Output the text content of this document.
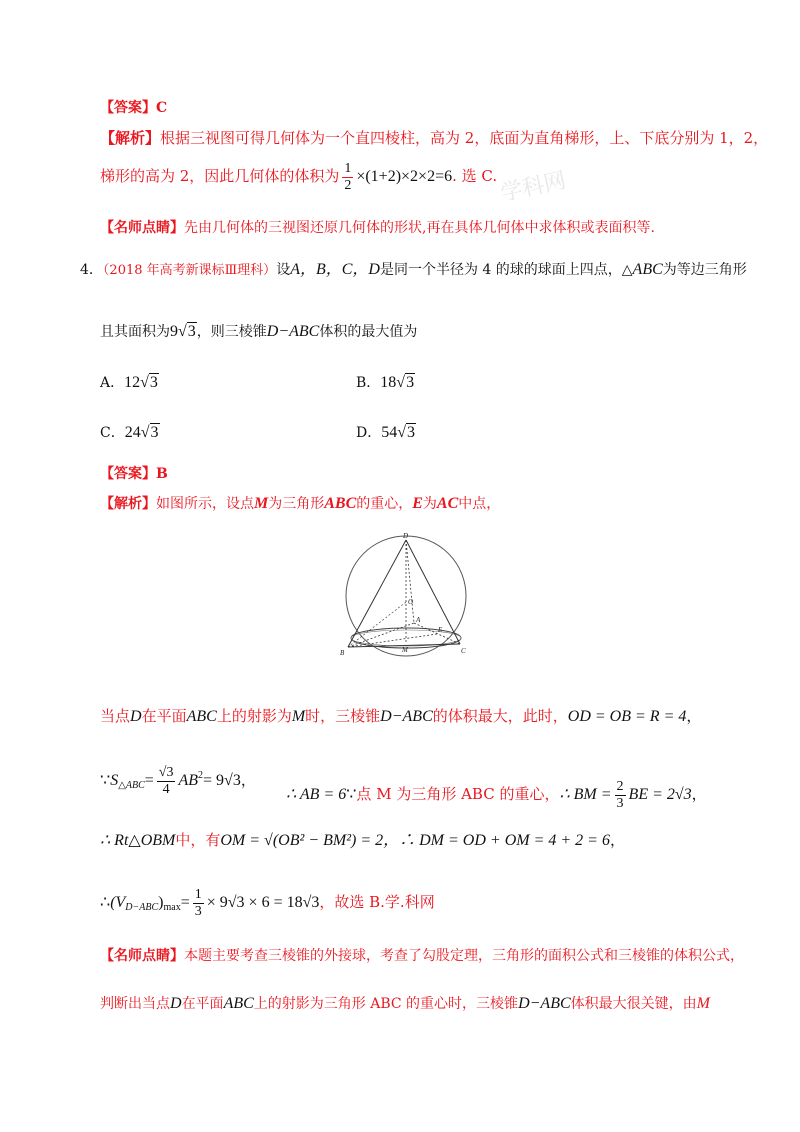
【答案】C
【解析】根据三视图可得几何体为一个直四棱柱，高为 2，底面为直角梯形，上、下底分别为 1，2，
梯形的高为 2，因此几何体的体积为 $\frac{1}{2} \times(1+2)\times 2\times 2=6$. 选 C. 学科网
【名师点睛】先由几何体的三视图还原几何体的形状,再在具体几何体中求体积或表面积等.
4．（2018 年高考新课标Ⅲ理科）设A，B，C，D是同一个半径为 4 的球的球面上四点，△ABC为等边三角形
且其面积为9√3，则三棱锥D−ABC体积的最大值为
A．12√3	B．18√3
C．24√3	D．54√3
【答案】B
【解析】如图所示，设点M为三角形ABC的重心，E为AC中点，
D
O
A
E
B	M	C
当点D在平面ABC上的射影为M时，三棱锥D−ABC的体积最大，此时，OD = OB = R = 4，
$\because S_{\triangle ABC}= \frac{√3}{4} AB^2= 9√3$，
∴ AB = 6∵点 M 为三角形 ABC 的重心，∴ BM = $\frac{2}{3}$ BE = 2√3，
∴ Rt△OBM中，有OM = √(OB² − BM²) = 2，∴ DM = OD + OM = 4 + 2 = 6，
$\therefore(V_{D-ABC})_{max}= \frac{1}{3} \times 9√3 \times 6 = 18√3$，故选 B.学.科网
【名师点睛】本题主要考查三棱锥的外接球，考查了勾股定理，三角形的面积公式和三棱锥的体积公式，
判断出当点D在平面ABC上的射影为三角形 ABC 的重心时，三棱锥D−ABC体积最大很关键，由M
